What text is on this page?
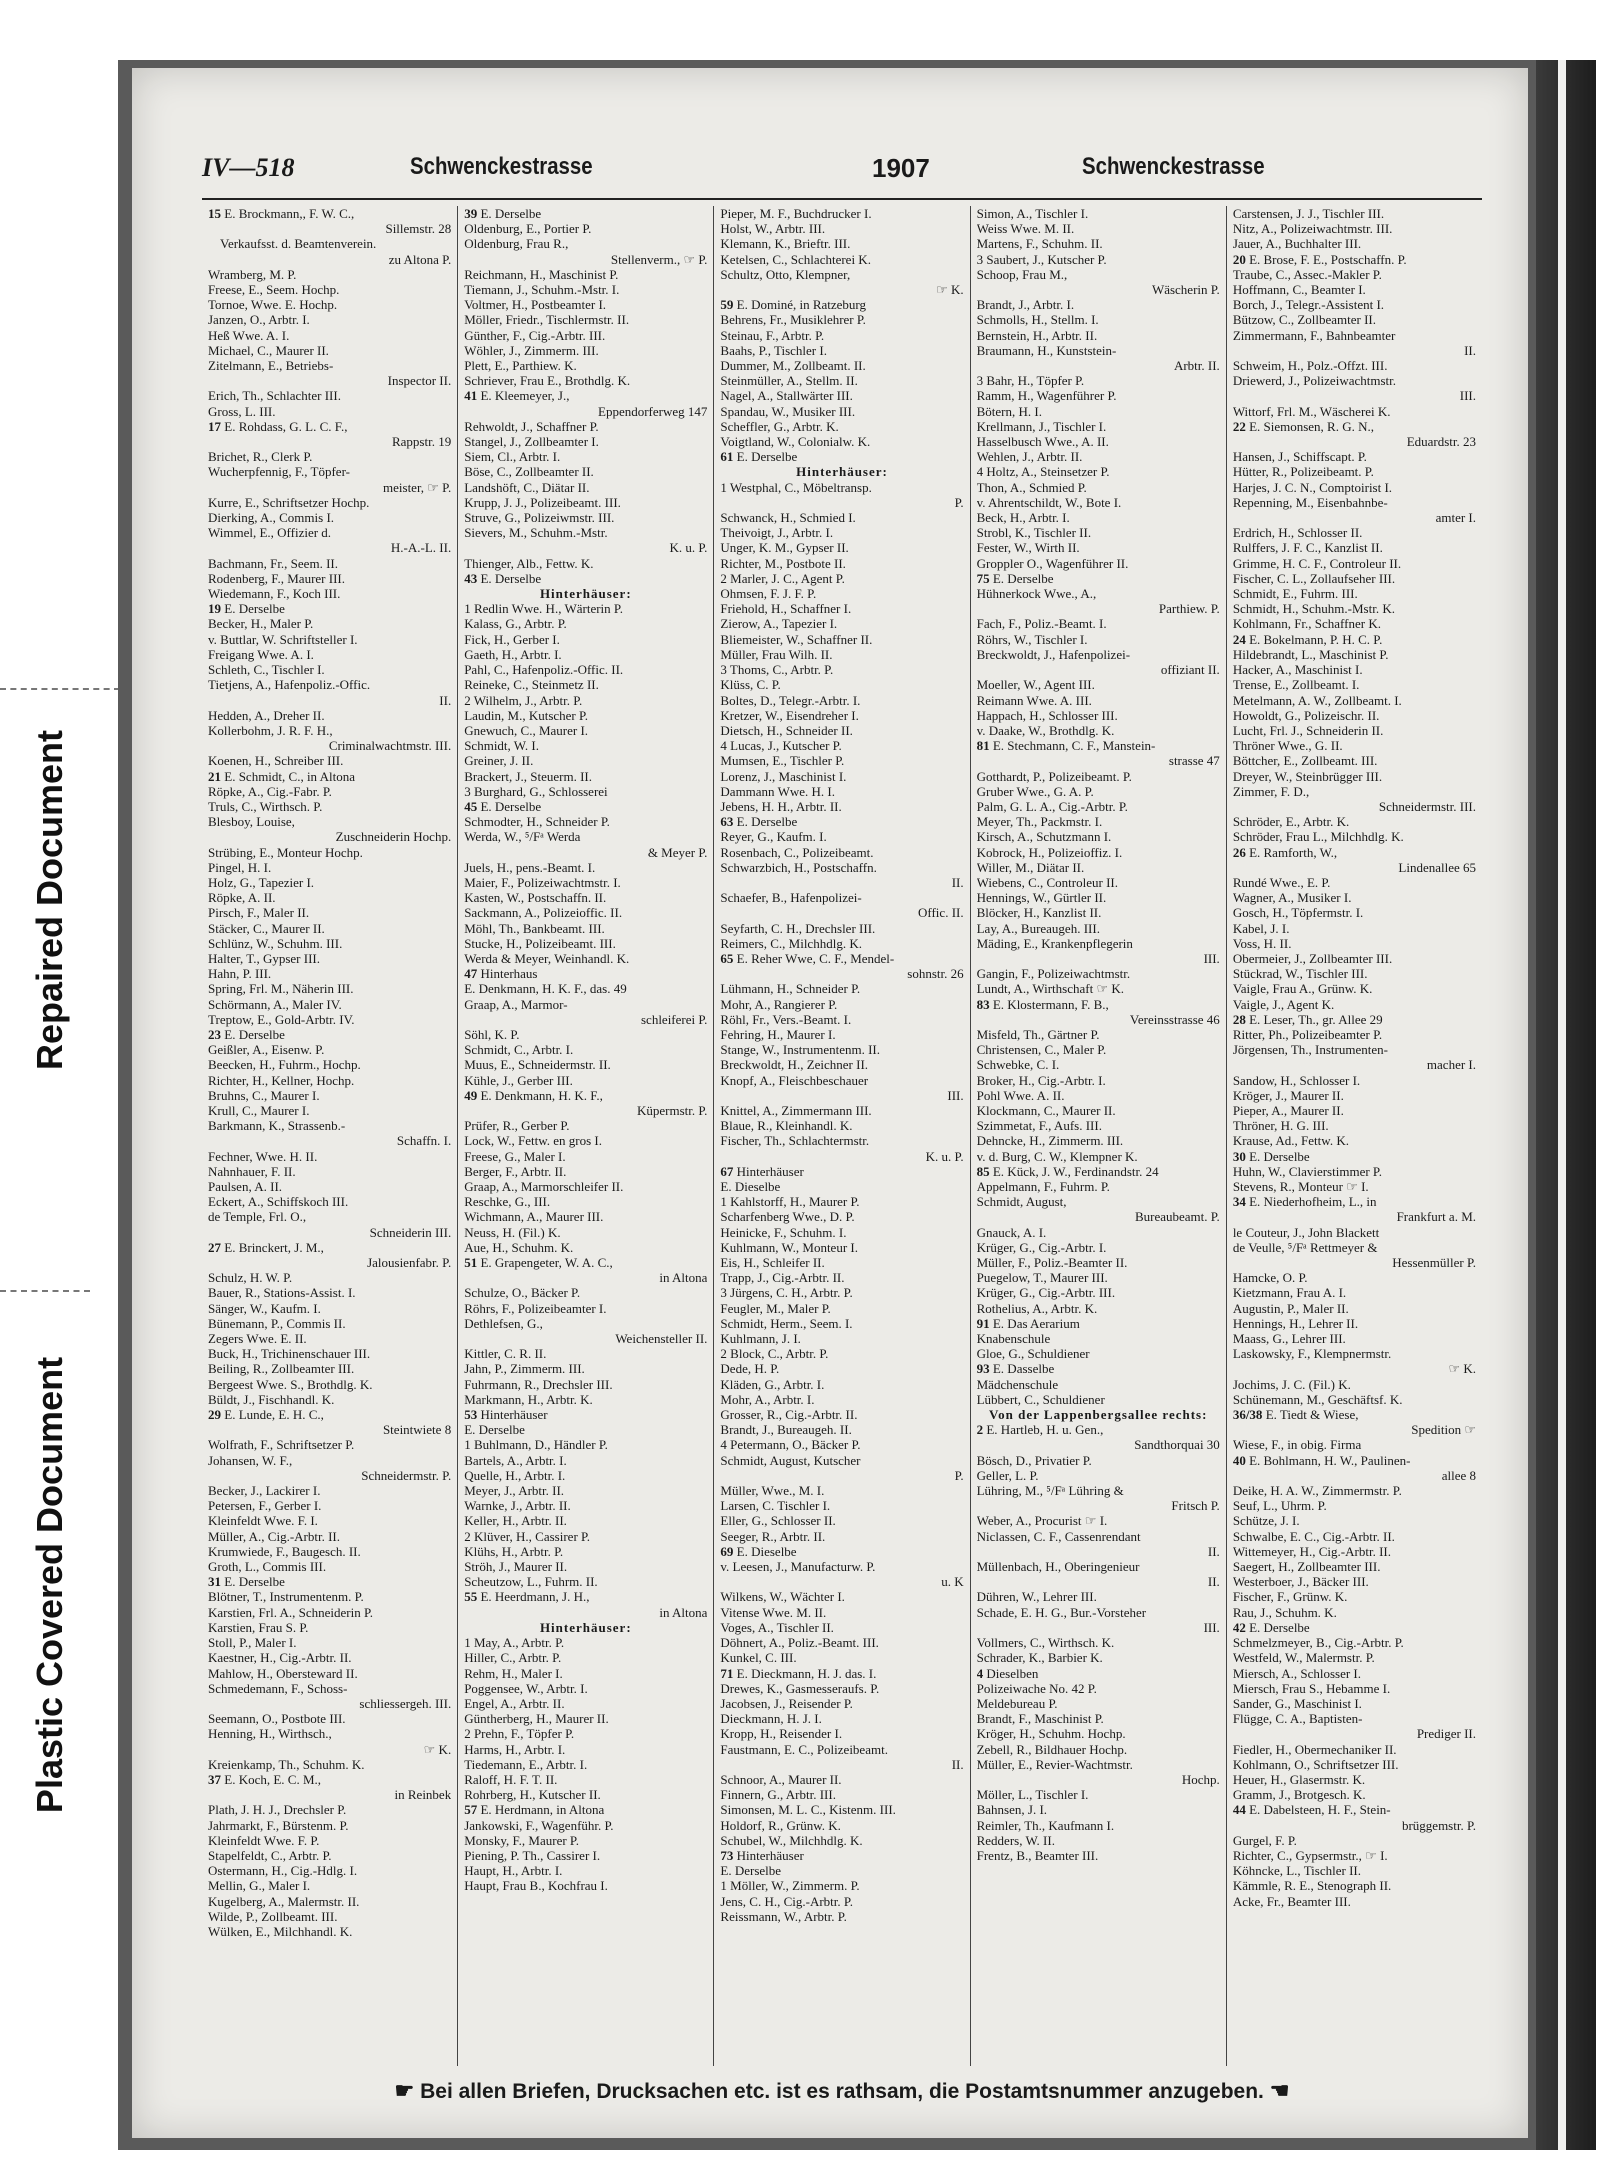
Repaired Document
Plastic Covered Document
IV—518	Schwenckestrasse	1907	Schwenckestrasse
15 E. Brockmann,, F. W. C.,
Sillemstr. 28
Verkaufsst. d. Beamtenverein.
zu Altona P.
Wramberg, M. P.
Freese, E., Seem. Hochp.
Tornoe, Wwe. E. Hochp.
Janzen, O., Arbtr. I.
Heß Wwe. A. I.
Michael, C., Maurer II.
Zitelmann, E., Betriebs-
Inspector II.
Erich, Th., Schlachter III.
Gross, L. III.
17 E. Rohdass, G. L. C. F.,
Rappstr. 19
Brichet, R., Clerk P.
Wucherpfennig, F., Töpfer-
meister, ☞ P.
Kurre, E., Schriftsetzer Hochp.
Dierking, A., Commis I.
Wimmel, E., Offizier d.
H.-A.-L. II.
Bachmann, Fr., Seem. II.
Rodenberg, F., Maurer III.
Wiedemann, F., Koch III.
19 E. Derselbe
Becker, H., Maler P.
v. Buttlar, W. Schriftsteller I.
Freigang Wwe. A. I.
Schleth, C., Tischler I.
Tietjens, A., Hafenpoliz.-Offic.
II.
Hedden, A., Dreher II.
Kollerbohm, J. R. F. H.,
Criminalwachtmstr. III.
Koenen, H., Schreiber III.
21 E. Schmidt, C., in Altona
Röpke, A., Cig.-Fabr. P.
Truls, C., Wirthsch. P.
Blesboy, Louise,
Zuschneiderin Hochp.
Strübing, E., Monteur Hochp.
Pingel, H. I.
Holz, G., Tapezier I.
Röpke, A. II.
Pirsch, F., Maler II.
Stäcker, C., Maurer II.
Schlünz, W., Schuhm. III.
Halter, T., Gypser III.
Hahn, P. III.
Spring, Frl. M., Näherin III.
Schörmann, A., Maler IV.
Treptow, E., Gold-Arbtr. IV.
23 E. Derselbe
Geißler, A., Eisenw. P.
Beecken, H., Fuhrm., Hochp.
Richter, H., Kellner, Hochp.
Bruhns, C., Maurer I.
Krull, C., Maurer I.
Barkmann, K., Strassenb.-
Schaffn. I.
Fechner, Wwe. H. II.
Nahnhauer, F. II.
Paulsen, A. II.
Eckert, A., Schiffskoch III.
de Temple, Frl. O.,
Schneiderin III.
27 E. Brinckert, J. M.,
Jalousienfabr. P.
Schulz, H. W. P.
Bauer, R., Stations-Assist. I.
Sänger, W., Kaufm. I.
Bünemann, P., Commis II.
Zegers Wwe. E. II.
Buck, H., Trichinenschauer III.
Beiling, R., Zollbeamter III.
Bergeest Wwe. S., Brothdlg. K.
Büldt, J., Fischhandl. K.
29 E. Lunde, E. H. C.,
Steintwiete 8
Wolfrath, F., Schriftsetzer P.
Johansen, W. F.,
Schneidermstr. P.
Becker, J., Lackirer I.
Petersen, F., Gerber I.
Kleinfeldt Wwe. F. I.
Müller, A., Cig.-Arbtr. II.
Krumwiede, F., Baugesch. II.
Groth, L., Commis III.
31 E. Derselbe
Blötner, T., Instrumentenm. P.
Karstien, Frl. A., Schneiderin P.
Karstien, Frau S. P.
Stoll, P., Maler I.
Kaestner, H., Cig.-Arbtr. II.
Mahlow, H., Obersteward II.
Schmedemann, F., Schoss-
schliessergeh. III.
Seemann, O., Postbote III.
Henning, H., Wirthsch.,
☞ K.
Kreienkamp, Th., Schuhm. K.
37 E. Koch, E. C. M.,
in Reinbek
Plath, J. H. J., Drechsler P.
Jahrmarkt, F., Bürstenm. P.
Kleinfeldt Wwe. F. P.
Stapelfeldt, C., Arbtr. P.
Ostermann, H., Cig.-Hdlg. I.
Mellin, G., Maler I.
Kugelberg, A., Malermstr. II.
Wilde, P., Zollbeamt. III.
Wülken, E., Milchhandl. K.
39 E. Derselbe
Oldenburg, E., Portier P.
Oldenburg, Frau R.,
Stellenverm., ☞ P.
Reichmann, H., Maschinist P.
Tiemann, J., Schuhm.-Mstr. I.
Voltmer, H., Postbeamter I.
Möller, Friedr., Tischlermstr. II.
Günther, F., Cig.-Arbtr. III.
Wöhler, J., Zimmerm. III.
Plett, E., Parthiew. K.
Schriever, Frau E., Brothdlg. K.
41 E. Kleemeyer, J.,
Eppendorferweg 147
Rehwoldt, J., Schaffner P.
Stangel, J., Zollbeamter I.
Siem, Cl., Arbtr. I.
Böse, C., Zollbeamter II.
Landshöft, C., Diätar II.
Krupp, J. J., Polizeibeamt. III.
Struve, G., Polizeiwmstr. III.
Sievers, M., Schuhm.-Mstr.
K. u. P.
Thienger, Alb., Fettw. K.
43 E. Derselbe
Hinterhäuser:
1 Redlin Wwe. H., Wärterin P.
Kalass, G., Arbtr. P.
Fick, H., Gerber I.
Gaeth, H., Arbtr. I.
Pahl, C., Hafenpoliz.-Offic. II.
Reineke, C., Steinmetz II.
2 Wilhelm, J., Arbtr. P.
Laudin, M., Kutscher P.
Gnewuch, C., Maurer I.
Schmidt, W. I.
Greiner, J. II.
Brackert, J., Steuerm. II.
3 Burghard, G., Schlosserei
45 E. Derselbe
Schmodter, H., Schneider P.
Werda, W., ⁵/Fᵃ Werda
& Meyer P.
Juels, H., pens.-Beamt. I.
Maier, F., Polizeiwachtmstr. I.
Kasten, W., Postschaffn. II.
Sackmann, A., Polizeioffic. II.
Möhl, Th., Bankbeamt. III.
Stucke, H., Polizeibeamt. III.
Werda & Meyer, Weinhandl. K.
47 Hinterhaus
E. Denkmann, H. K. F., das. 49
Graap, A., Marmor-
schleiferei P.
Söhl, K. P.
Schmidt, C., Arbtr. I.
Muus, E., Schneidermstr. II.
Kühle, J., Gerber III.
49 E. Denkmann, H. K. F.,
Küpermstr. P.
Prüfer, R., Gerber P.
Lock, W., Fettw. en gros I.
Freese, G., Maler I.
Berger, F., Arbtr. II.
Graap, A., Marmorschleifer II.
Reschke, G., III.
Wichmann, A., Maurer III.
Neuss, H. (Fil.) K.
Aue, H., Schuhm. K.
51 E. Grapengeter, W. A. C.,
in Altona
Schulze, O., Bäcker P.
Röhrs, F., Polizeibeamter I.
Dethlefsen, G.,
Weichensteller II.
Kittler, C. R. II.
Jahn, P., Zimmerm. III.
Fuhrmann, R., Drechsler III.
Markmann, H., Arbtr. K.
53 Hinterhäuser
E. Derselbe
1 Buhlmann, D., Händler P.
Bartels, A., Arbtr. I.
Quelle, H., Arbtr. I.
Meyer, J., Arbtr. II.
Warnke, J., Arbtr. II.
Keller, H., Arbtr. II.
2 Klüver, H., Cassirer P.
Klühs, H., Arbtr. P.
Ströh, J., Maurer II.
Scheutzow, L., Fuhrm. II.
55 E. Heerdmann, J. H.,
in Altona
Hinterhäuser:
1 May, A., Arbtr. P.
Hiller, C., Arbtr. P.
Rehm, H., Maler I.
Poggensee, W., Arbtr. I.
Engel, A., Arbtr. II.
Güntherberg, H., Maurer II.
2 Prehn, F., Töpfer P.
Harms, H., Arbtr. I.
Tiedemann, E., Arbtr. I.
Raloff, H. F. T. II.
Rohrberg, H., Kutscher II.
57 E. Herdmann, in Altona
Jankowski, F., Wagenführ. P.
Monsky, F., Maurer P.
Piening, P. Th., Cassirer I.
Haupt, H., Arbtr. I.
Haupt, Frau B., Kochfrau I.
Pieper, M. F., Buchdrucker I.
Holst, W., Arbtr. III.
Klemann, K., Brieftr. III.
Ketelsen, C., Schlachterei K.
Schultz, Otto, Klempner,
☞ K.
59 E. Dominé, in Ratzeburg
Behrens, Fr., Musiklehrer P.
Steinau, F., Arbtr. P.
Baahs, P., Tischler I.
Dummer, M., Zollbeamt. II.
Steinmüller, A., Stellm. II.
Nagel, A., Stallwärter III.
Spandau, W., Musiker III.
Scheffler, G., Arbtr. K.
Voigtland, W., Colonialw. K.
61 E. Derselbe
Hinterhäuser:
1 Westphal, C., Möbeltransp.
P.
Schwanck, H., Schmied I.
Theivoigt, J., Arbtr. I.
Unger, K. M., Gypser II.
Richter, M., Postbote II.
2 Marler, J. C., Agent P.
Ohmsen, F. J. F. P.
Friehold, H., Schaffner I.
Zierow, A., Tapezier I.
Bliemeister, W., Schaffner II.
Müller, Frau Wilh. II.
3 Thoms, C., Arbtr. P.
Klüss, C. P.
Boltes, D., Telegr.-Arbtr. I.
Kretzer, W., Eisendreher I.
Dietsch, H., Schneider II.
4 Lucas, J., Kutscher P.
Mumsen, E., Tischler P.
Lorenz, J., Maschinist I.
Dammann Wwe. H. I.
Jebens, H. H., Arbtr. II.
63 E. Derselbe
Reyer, G., Kaufm. I.
Rosenbach, C., Polizeibeamt.
Schwarzbich, H., Postschaffn.
II.
Schaefer, B., Hafenpolizei-
Offic. II.
Seyfarth, C. H., Drechsler III.
Reimers, C., Milchhdlg. K.
65 E. Reher Wwe, C. F., Mendel-
sohnstr. 26
Lühmann, H., Schneider P.
Mohr, A., Rangierer P.
Röhl, Fr., Vers.-Beamt. I.
Fehring, H., Maurer I.
Stange, W., Instrumentenm. II.
Breckwoldt, H., Zeichner II.
Knopf, A., Fleischbeschauer
III.
Knittel, A., Zimmermann III.
Blaue, R., Kleinhandl. K.
Fischer, Th., Schlachtermstr.
K. u. P.
67 Hinterhäuser
E. Dieselbe
1 Kahlstorff, H., Maurer P.
Scharfenberg Wwe., D. P.
Heinicke, F., Schuhm. I.
Kuhlmann, W., Monteur I.
Eis, H., Schleifer II.
Trapp, J., Cig.-Arbtr. II.
3 Jürgens, C. H., Arbtr. P.
Feugler, M., Maler P.
Schmidt, Herm., Seem. I.
Kuhlmann, J. I.
2 Block, C., Arbtr. P.
Dede, H. P.
Kläden, G., Arbtr. I.
Mohr, A., Arbtr. I.
Grosser, R., Cig.-Arbtr. II.
Brandt, J., Bureaugeh. II.
4 Petermann, O., Bäcker P.
Schmidt, August, Kutscher
P.
Müller, Wwe., M. I.
Larsen, C. Tischler I.
Eller, G., Schlosser II.
Seeger, R., Arbtr. II.
69 E. Dieselbe
v. Leesen, J., Manufacturw. P.
u. K
Wilkens, W., Wächter I.
Vitense Wwe. M. II.
Voges, A., Tischler II.
Döhnert, A., Poliz.-Beamt. III.
Kunkel, C. III.
71 E. Dieckmann, H. J. das. I.
Drewes, K., Gasmesseraufs. P.
Jacobsen, J., Reisender P.
Dieckmann, H. J. I.
Kropp, H., Reisender I.
Faustmann, E. C., Polizeibeamt.
II.
Schnoor, A., Maurer II.
Finnern, G., Arbtr. III.
Simonsen, M. L. C., Kistenm. III.
Holdorf, R., Grünw. K.
Schubel, W., Milchhdlg. K.
73 Hinterhäuser
E. Derselbe
1 Möller, W., Zimmerm. P.
Jens, C. H., Cig.-Arbtr. P.
Reissmann, W., Arbtr. P.
Simon, A., Tischler I.
Weiss Wwe. M. II.
Martens, F., Schuhm. II.
3 Saubert, J., Kutscher P.
Schoop, Frau M.,
Wäscherin P.
Brandt, J., Arbtr. I.
Schmolls, H., Stellm. I.
Bernstein, H., Arbtr. II.
Braumann, H., Kunststein-
Arbtr. II.
3 Bahr, H., Töpfer P.
Ramm, H., Wagenführer P.
Bötern, H. I.
Krellmann, J., Tischler I.
Hasselbusch Wwe., A. II.
Wehlen, J., Arbtr. II.
4 Holtz, A., Steinsetzer P.
Thon, A., Schmied P.
v. Ahrentschildt, W., Bote I.
Beck, H., Arbtr. I.
Strobl, K., Tischler II.
Fester, W., Wirth II.
Groppler O., Wagenführer II.
75 E. Derselbe
Hühnerkock Wwe., A.,
Parthiew. P.
Fach, F., Poliz.-Beamt. I.
Röhrs, W., Tischler I.
Breckwoldt, J., Hafenpolizei-
offiziant II.
Moeller, W., Agent III.
Reimann Wwe. A. III.
Happach, H., Schlosser III.
v. Daake, W., Brothdlg. K.
81 E. Stechmann, C. F., Manstein-
strasse 47
Gotthardt, P., Polizeibeamt. P.
Gruber Wwe., G. A. P.
Palm, G. L. A., Cig.-Arbtr. P.
Meyer, Th., Packmstr. I.
Kirsch, A., Schutzmann I.
Kobrock, H., Polizeioffiz. I.
Willer, M., Diätar II.
Wiebens, C., Controleur II.
Hennings, W., Gürtler II.
Blöcker, H., Kanzlist II.
Lay, A., Bureaugeh. III.
Mäding, E., Krankenpflegerin
III.
Gangin, F., Polizeiwachtmstr.
Lundt, A., Wirthschaft ☞ K.
83 E. Klostermann, F. B.,
Vereinsstrasse 46
Misfeld, Th., Gärtner P.
Christensen, C., Maler P.
Schwebke, C. I.
Broker, H., Cig.-Arbtr. I.
Pohl Wwe. A. II.
Klockmann, C., Maurer II.
Szimmetat, F., Aufs. III.
Dehncke, H., Zimmerm. III.
v. d. Burg, C. W., Klempner K.
85 E. Kück, J. W., Ferdinandstr. 24
Appelmann, F., Fuhrm. P.
Schmidt, August,
Bureaubeamt. P.
Gnauck, A. I.
Krüger, G., Cig.-Arbtr. I.
Müller, F., Poliz.-Beamter II.
Puegelow, T., Maurer III.
Krüger, G., Cig.-Arbtr. III.
Rothelius, A., Arbtr. K.
91 E. Das Aerarium
Knabenschule
Gloe, G., Schuldiener
93 E. Dasselbe
Mädchenschule
Lübbert, C., Schuldiener
Von der Lappenbergsallee rechts:
2 E. Hartleb, H. u. Gen.,
Sandthorquai 30
Bösch, D., Privatier P.
Geller, L. P.
Lühring, M., ⁵/Fᵃ Lühring &
Fritsch P.
Weber, A., Procurist ☞ I.
Niclassen, C. F., Cassenrendant
II.
Müllenbach, H., Oberingenieur
II.
Dühren, W., Lehrer III.
Schade, E. H. G., Bur.-Vorsteher
III.
Vollmers, C., Wirthsch. K.
Schrader, K., Barbier K.
4 Dieselben
Polizeiwache No. 42 P.
Meldebureau P.
Brandt, F., Maschinist P.
Kröger, H., Schuhm. Hochp.
Zebell, R., Bildhauer Hochp.
Müller, E., Revier-Wachtmstr.
Hochp.
Möller, L., Tischler I.
Bahnsen, J. I.
Reimler, Th., Kaufmann I.
Redders, W. II.
Frentz, B., Beamter III.
Carstensen, J. J., Tischler III.
Nitz, A., Polizeiwachtmstr. III.
Jauer, A., Buchhalter III.
20 E. Brose, F. E., Postschaffn. P.
Traube, C., Assec.-Makler P.
Hoffmann, C., Beamter I.
Borch, J., Telegr.-Assistent I.
Bützow, C., Zollbeamter II.
Zimmermann, F., Bahnbeamter
II.
Schweim, H., Polz.-Offzt. III.
Driewerd, J., Polizeiwachtmstr.
III.
Wittorf, Frl. M., Wäscherei K.
22 E. Siemonsen, R. G. N.,
Eduardstr. 23
Hansen, J., Schiffscapt. P.
Hütter, R., Polizeibeamt. P.
Harjes, J. C. N., Comptoirist I.
Repenning, M., Eisenbahnbe-
amter I.
Erdrich, H., Schlosser II.
Rulffers, J. F. C., Kanzlist II.
Grimme, H. C. F., Controleur II.
Fischer, C. L., Zollaufseher III.
Schmidt, E., Fuhrm. III.
Schmidt, H., Schuhm.-Mstr. K.
Kohlmann, Fr., Schaffner K.
24 E. Bokelmann, P. H. C. P.
Hildebrandt, L., Maschinist P.
Hacker, A., Maschinist I.
Trense, E., Zollbeamt. I.
Metelmann, A. W., Zollbeamt. I.
Howoldt, G., Polizeischr. II.
Lucht, Frl. J., Schneiderin II.
Thröner Wwe., G. II.
Böttcher, E., Zollbeamt. III.
Dreyer, W., Steinbrügger III.
Zimmer, F. D.,
Schneidermstr. III.
Schröder, E., Arbtr. K.
Schröder, Frau L., Milchhdlg. K.
26 E. Ramforth, W.,
Lindenallee 65
Rundé Wwe., E. P.
Wagner, A., Musiker I.
Gosch, H., Töpfermstr. I.
Kabel, J. I.
Voss, H. II.
Obermeier, J., Zollbeamter III.
Stückrad, W., Tischler III.
Vaigle, Frau A., Grünw. K.
Vaigle, J., Agent K.
28 E. Leser, Th., gr. Allee 29
Ritter, Ph., Polizeibeamter P.
Jörgensen, Th., Instrumenten-
macher I.
Sandow, H., Schlosser I.
Kröger, J., Maurer II.
Pieper, A., Maurer II.
Thröner, H. G. III.
Krause, Ad., Fettw. K.
30 E. Derselbe
Huhn, W., Clavierstimmer P.
Stevens, R., Monteur ☞ I.
34 E. Niederhofheim, L., in
Frankfurt a. M.
le Couteur, J., John Blackett
de Veulle, ⁵/Fᵃ Rettmeyer &
Hessenmüller P.
Hamcke, O. P.
Kietzmann, Frau A. I.
Augustin, P., Maler II.
Hennings, H., Lehrer II.
Maass, G., Lehrer III.
Laskowsky, F., Klempnermstr.
☞ K.
Jochims, J. C. (Fil.) K.
Schünemann, M., Geschäftsf. K.
36/38 E. Tiedt & Wiese,
Spedition ☞
Wiese, F., in obig. Firma
40 E. Bohlmann, H. W., Paulinen-
allee 8
Deike, H. A. W., Zimmermstr. P.
Seuf, L., Uhrm. P.
Schütze, J. I.
Schwalbe, E. C., Cig.-Arbtr. II.
Wittemeyer, H., Cig.-Arbtr. II.
Saegert, H., Zollbeamter III.
Westerboer, J., Bäcker III.
Fischer, F., Grünw. K.
Rau, J., Schuhm. K.
42 E. Derselbe
Schmelzmeyer, B., Cig.-Arbtr. P.
Westfeld, W., Malermstr. P.
Miersch, A., Schlosser I.
Miersch, Frau S., Hebamme I.
Sander, G., Maschinist I.
Flügge, C. A., Baptisten-
Prediger II.
Fiedler, H., Obermechaniker II.
Kohlmann, O., Schriftsetzer III.
Heuer, H., Glasermstr. K.
Gramm, J., Brotgesch. K.
44 E. Dabelsteen, H. F., Stein-
brüggemstr. P.
Gurgel, F. P.
Richter, C., Gypsermstr., ☞ I.
Köhncke, L., Tischler II.
Kämmle, R. E., Stenograph II.
Acke, Fr., Beamter III.
☛ Bei allen Briefen, Drucksachen etc. ist es rathsam, die Postamtsnummer anzugeben. ☚
